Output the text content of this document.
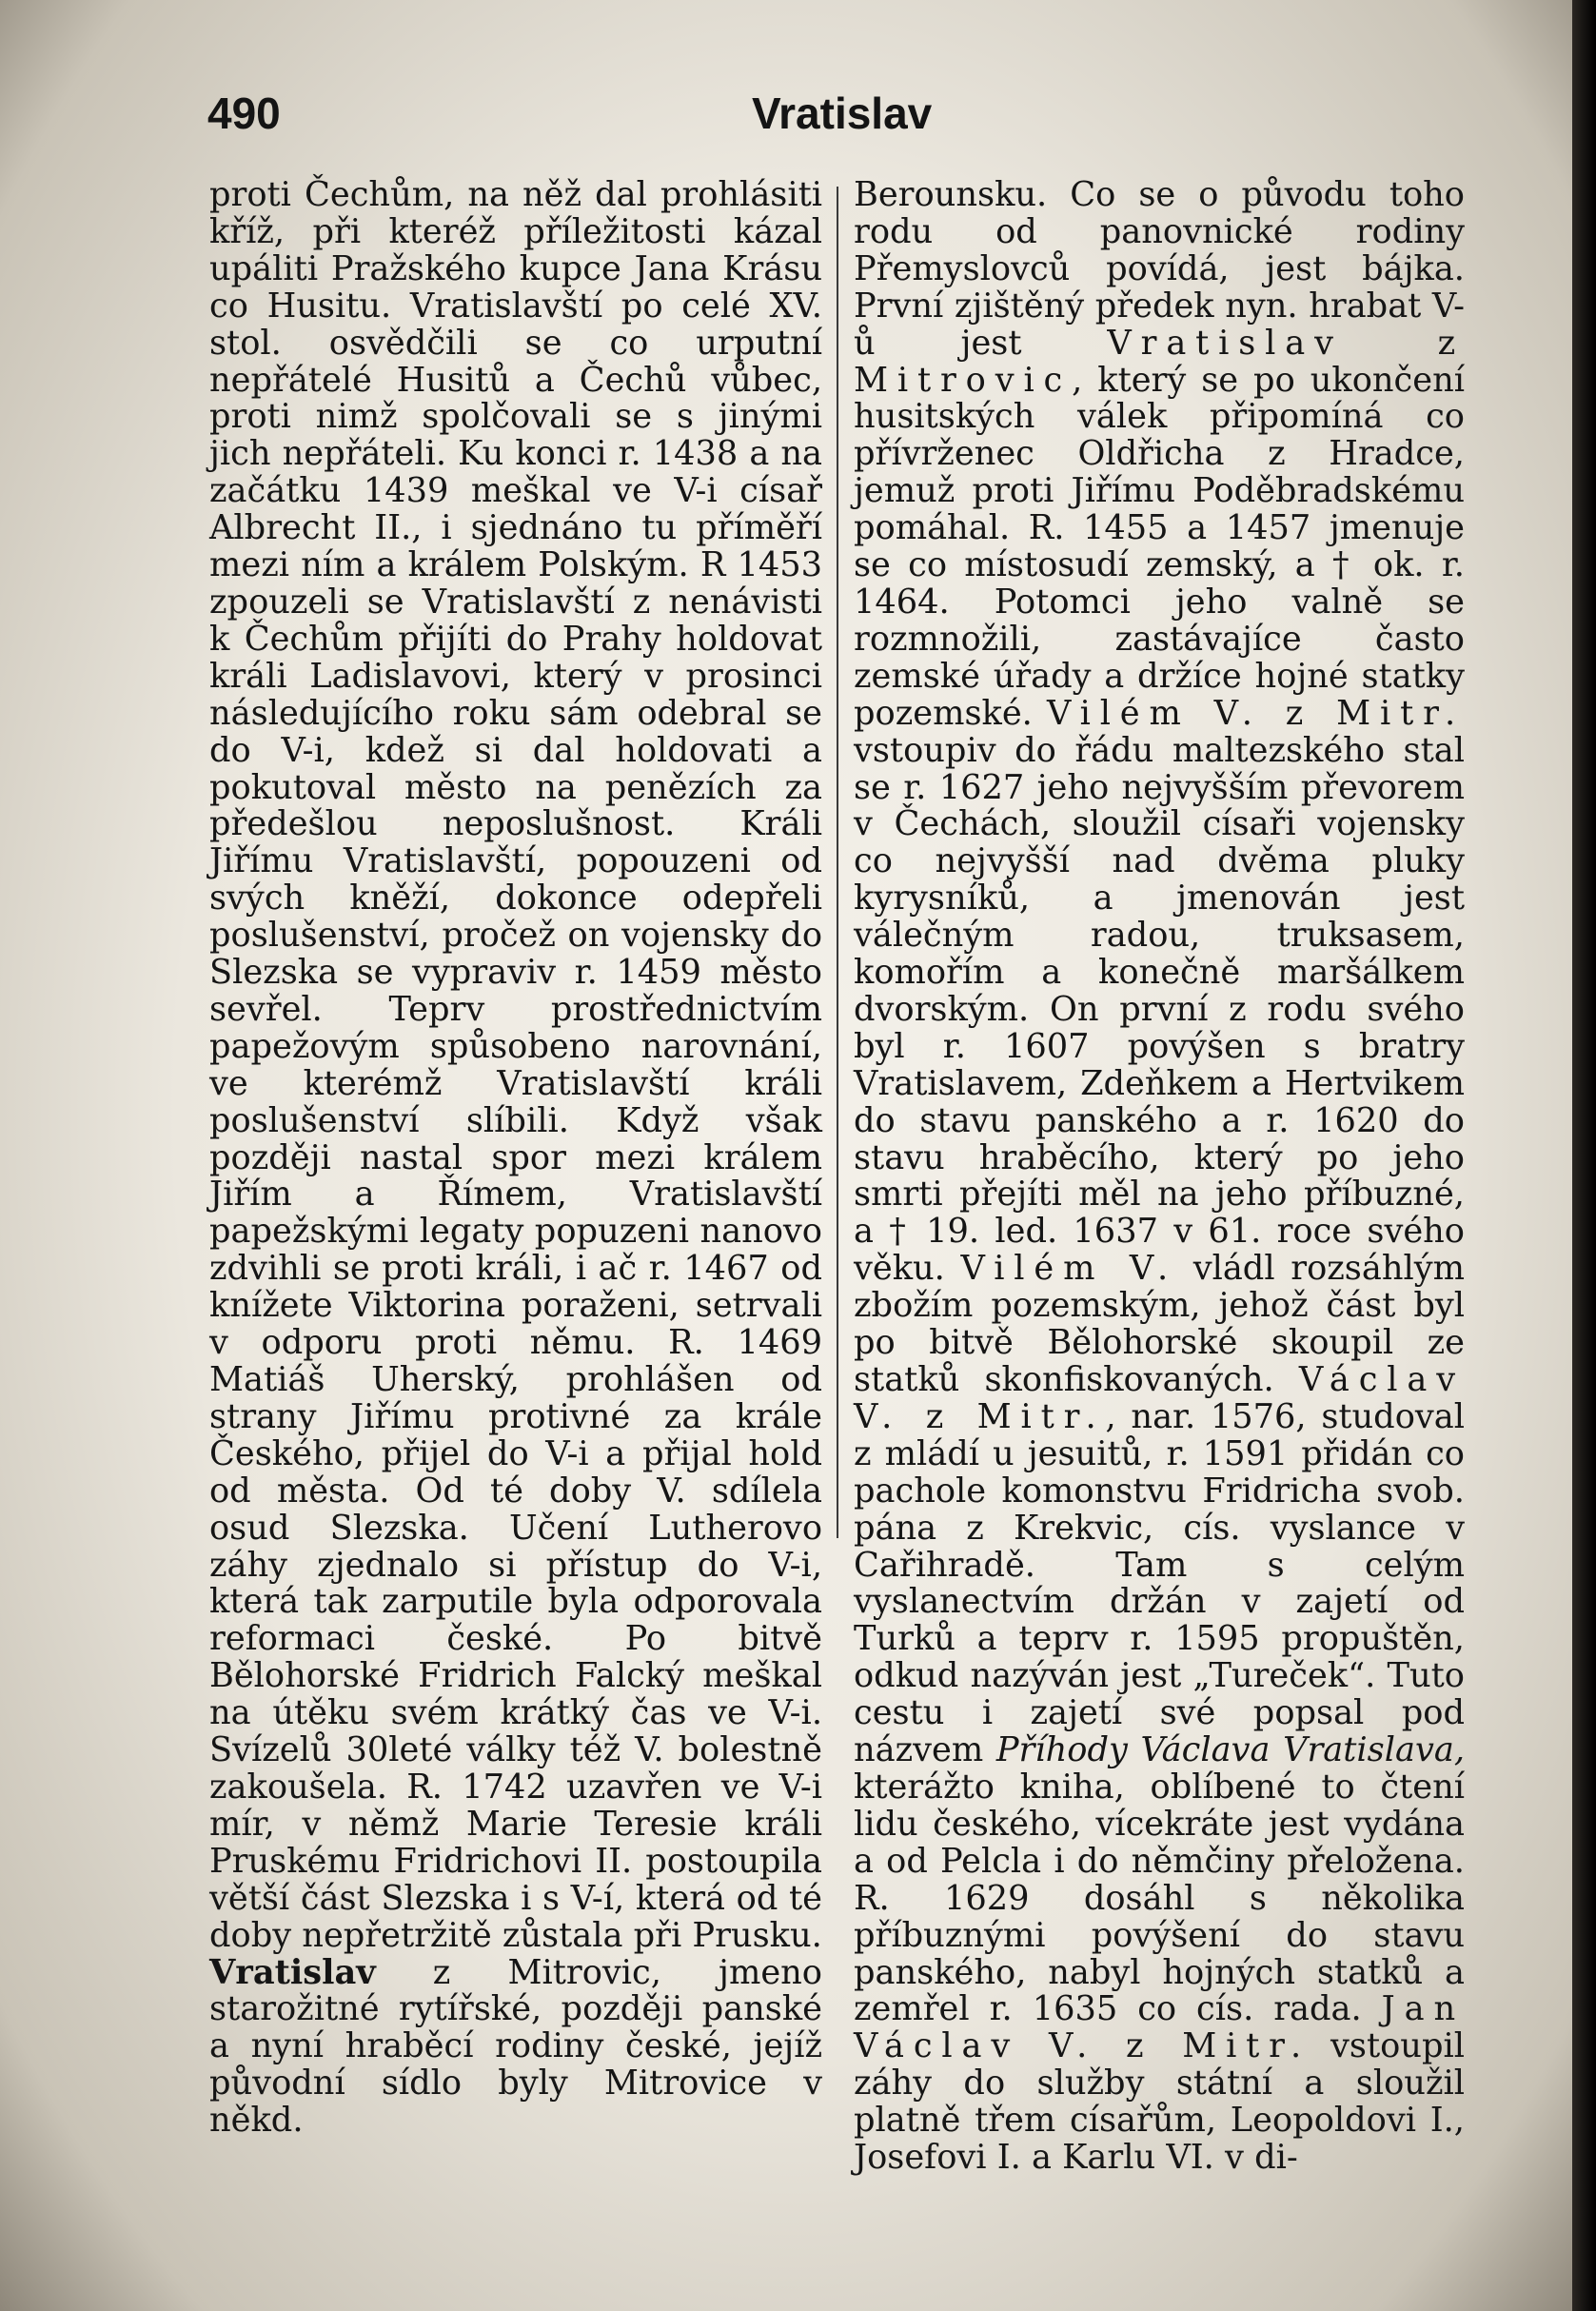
490	Vratislav

proti Čechům, na něž dal prohlásiti kříž, při kteréž příležitosti kázal upáliti Pražského kupce Jana Krásu co Husitu. Vratislavští po celé XV. stol. osvědčili se co urputní nepřátelé Husitů a Čechů vůbec, proti nimž spolčovali se s jinými jich nepřáteli. Ku konci r. 1438 a na začátku 1439 meškal ve V-i císař Albrecht II., i sjednáno tu příměří mezi ním a králem Polským. R 1453 zpouzeli se Vratislavští z nenávisti k Čechům přijíti do Prahy holdovat králi Ladislavovi, který v prosinci následujícího roku sám odebral se do V-i, kdež si dal holdovati a pokutoval město na penězích za předešlou neposlušnost. Králi Jiřímu Vratislavští, popouzeni od svých kněží, dokonce odepřeli poslušenství, pročež on vojensky do Slezska se vypraviv r. 1459 město sevřel. Teprv prostřednictvím papežovým spůsobeno narovnání, ve kterémž Vratislavští králi poslušenství slíbili. Když však později nastal spor mezi králem Jiřím a Římem, Vratislavští papežskými legaty popuzeni nanovo zdvihli se proti králi, i ač r. 1467 od knížete Viktorina poraženi, setrvali v odporu proti němu. R. 1469 Matiáš Uherský, prohlášen od strany Jiřímu protivné za krále Českého, přijel do V-i a přijal hold od města. Od té doby V. sdílela osud Slezska. Učení Lutherovo záhy zjednalo si přístup do V-i, která tak zarputile byla odporovala reformaci české. Po bitvě Bělohorské Fridrich Falcký meškal na útěku svém krátký čas ve V-i. Svízelů 30leté války též V. bolestně zakoušela. R. 1742 uzavřen ve V-i mír, v němž Marie Teresie králi Pruskému Fridrichovi II. postoupila větší část Slezska i s V-í, která od té doby nepřetržitě zůstala při Prusku.

Vratislav z Mitrovic, jmeno starožitné rytířské, později panské a nyní hraběcí rodiny české, jejíž původní sídlo byly Mitrovice v někd.

Berounsku. Co se o původu toho rodu od panovnické rodiny Přemyslovců povídá, jest bájka. První zjištěný předek nyn. hrabat V-ů jest Vratislav z Mitrovic, který se po ukončení husitských válek připomíná co přívrženec Oldřicha z Hradce, jemuž proti Jiřímu Poděbradskému pomáhal. R. 1455 a 1457 jmenuje se co místosudí zemský, a † ok. r. 1464. Potomci jeho valně se rozmnožili, zastávajíce často zemské úřady a držíce hojné statky pozemské. Vilém V. z Mitr. vstoupiv do řádu maltezského stal se r. 1627 jeho nejvyšším převorem v Čechách, sloužil císaři vojensky co nejvyšší nad dvěma pluky kyrysníků, a jmenován jest válečným radou, truksasem, komořím a konečně maršálkem dvorským. On první z rodu svého byl r. 1607 povýšen s bratry Vratislavem, Zdeňkem a Hertvikem do stavu panského a r. 1620 do stavu hraběcího, který po jeho smrti přejíti měl na jeho příbuzné, a † 19. led. 1637 v 61. roce svého věku. Vilém V. vládl rozsáhlým zbožím pozemským, jehož část byl po bitvě Bělohorské skoupil ze statků skonfiskovaných. Václav V. z Mitr., nar. 1576, studoval z mládí u jesuitů, r. 1591 přidán co pachole komonstvu Fridricha svob. pána z Krekvic, cís. vyslance v Cařihradě. Tam s celým vyslanectvím držán v zajetí od Turků a teprv r. 1595 propuštěn, odkud nazýván jest „Tureček“. Tuto cestu i zajetí své popsal pod názvem Příhody Václava Vratislava, kterážto kniha, oblíbené to čtení lidu českého, vícekráte jest vydána a od Pelcla i do němčiny přeložena. R. 1629 dosáhl s několika příbuznými povýšení do stavu panského, nabyl hojných statků a zemřel r. 1635 co cís. rada. Jan Václav V. z Mitr. vstoupil záhy do služby státní a sloužil platně třem císařům, Leopoldovi I., Josefovi I. a Karlu VI. v di-
